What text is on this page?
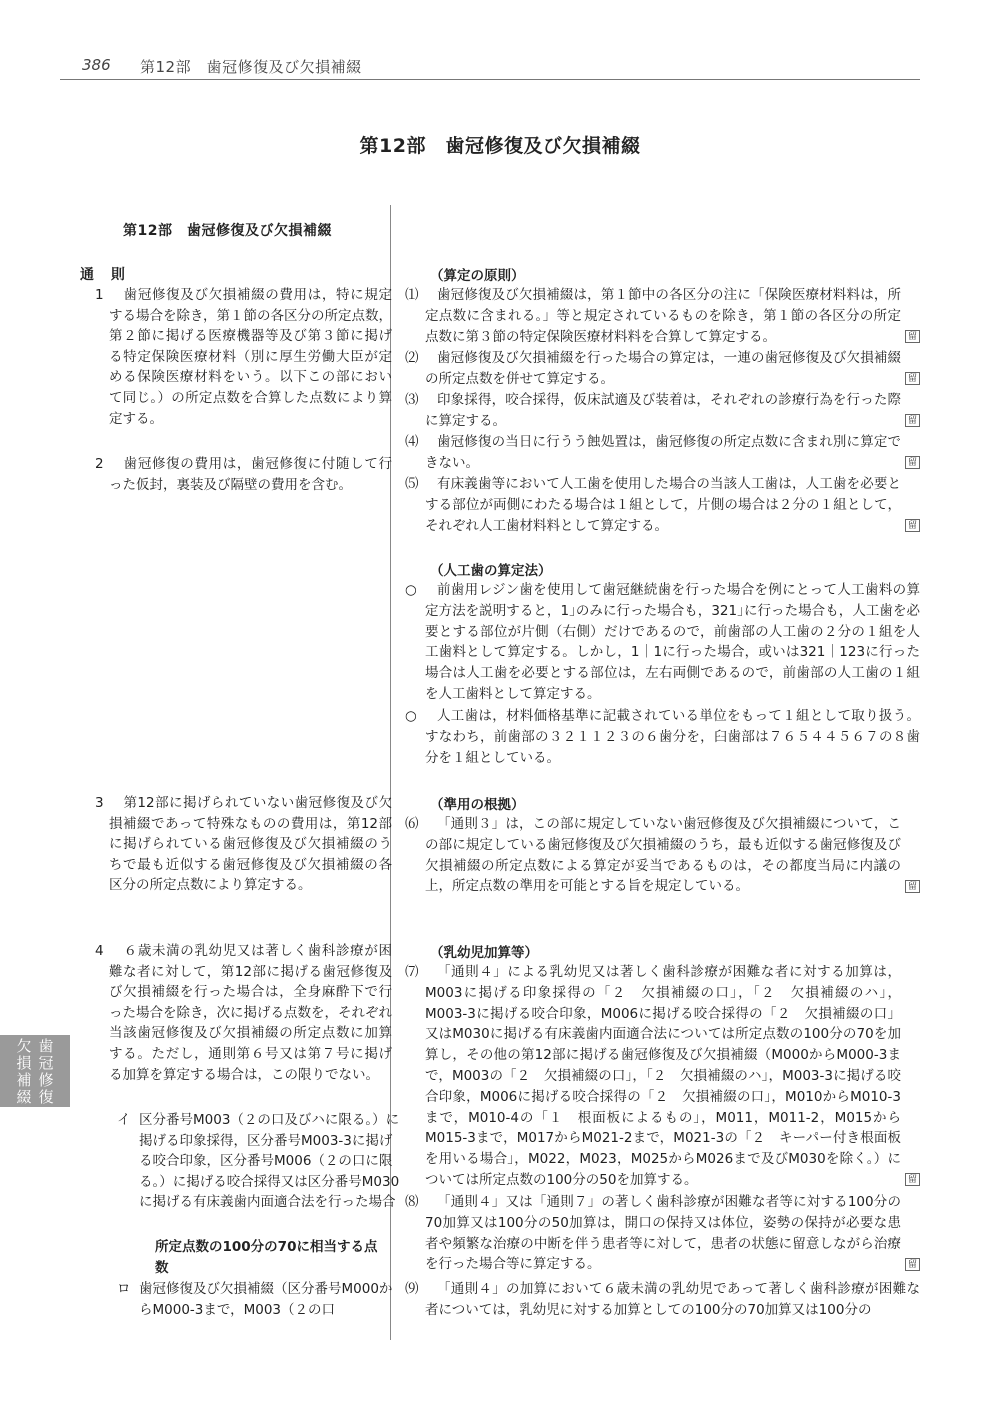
386 第12部　歯冠修復及び欠損補綴
第12部　歯冠修復及び欠損補綴
第12部　歯冠修復及び欠損補綴
通 則
1 歯冠修復及び欠損補綴の費用は，特に規定する場合を除き，第１節の各区分の所定点数，第２節に掲げる医療機器等及び第３節に掲げる特定保険医療材料（別に厚生労働大臣が定める保険医療材料をいう。以下この部において同じ。）の所定点数を合算した点数により算定する。
2 歯冠修復の費用は，歯冠修復に付随して行った仮封，裏装及び隔壁の費用を含む。
3 第12部に掲げられていない歯冠修復及び欠損補綴であって特殊なものの費用は，第12部に掲げられている歯冠修復及び欠損補綴のうちで最も近似する歯冠修復及び欠損補綴の各区分の所定点数により算定する。
4 ６歳未満の乳幼児又は著しく歯科診療が困難な者に対して，第12部に掲げる歯冠修復及び欠損補綴を行った場合は，全身麻酔下で行った場合を除き，次に掲げる点数を，それぞれ当該歯冠修復及び欠損補綴の所定点数に加算する。ただし，通則第６号又は第７号に掲げる加算を算定する場合は，この限りでない。
イ 区分番号M003（２の口及びハに限る。）に掲げる印象採得，区分番号M003-3に掲げる咬合印象，区分番号M006（２の口に限る。）に掲げる咬合採得又は区分番号M030に掲げる有床義歯内面適合法を行った場合
所定点数の100分の70に相当する点数
ロ 歯冠修復及び欠損補綴（区分番号M000からM000-3まで，M003（２の口
（算定の原則）
⑴
留
歯冠修復及び欠損補綴は，第１節中の各区分の注に「保険医療材料料は，所定点数に含まれる。」等と規定されているものを除き，第１節の各区分の所定点数に第３節の特定保険医療材料料を合算して算定する。
⑵
留
歯冠修復及び欠損補綴を行った場合の算定は，一連の歯冠修復及び欠損補綴の所定点数を併せて算定する。
⑶
留
印象採得，咬合採得，仮床試適及び装着は，それぞれの診療行為を行った際に算定する。
⑷
留
歯冠修復の当日に行うう蝕処置は，歯冠修復の所定点数に含まれ別に算定できない。
⑸
留
有床義歯等において人工歯を使用した場合の当該人工歯は，人工歯を必要とする部位が両側にわたる場合は１組として，片側の場合は２分の１組として，それぞれ人工歯材料料として算定する。
（人工歯の算定法）
○	前歯用レジン歯を使用して歯冠継続歯を行った場合を例にとって人工歯料の算定方法を説明すると，1｣のみに行った場合も，321｣に行った場合も，人工歯を必要とする部位が片側（右側）だけであるので，前歯部の人工歯の２分の１組を人工歯料として算定する。しかし，1｜1に行った場合，或いは321｜123に行った場合は人工歯を必要とする部位は，左右両側であるので，前歯部の人工歯の１組を人工歯料として算定する。
○	人工歯は，材料価格基準に記載されている単位をもって１組として取り扱う。すなわち，前歯部の３２１１２３の６歯分を，臼歯部は７６５４４５６７の８歯分を１組としている。
（準用の根拠）
⑹
留
「通則３」は，この部に規定していない歯冠修復及び欠損補綴について，この部に規定している歯冠修復及び欠損補綴のうち，最も近似する歯冠修復及び欠損補綴の所定点数による算定が妥当であるものは，その都度当局に内議の上，所定点数の準用を可能とする旨を規定している。
（乳幼児加算等）
⑺
留
「通則４」による乳幼児又は著しく歯科診療が困難な者に対する加算は，M003に掲げる印象採得の「２　欠損補綴の口」，「２　欠損補綴のハ」，M003-3に掲げる咬合印象，M006に掲げる咬合採得の「２　欠損補綴の口」又はM030に掲げる有床義歯内面適合法については所定点数の100分の70を加算し，その他の第12部に掲げる歯冠修復及び欠損補綴（M000からM000-3まで，M003の「２　欠損補綴の口」，「２　欠損補綴のハ」，M003-3に掲げる咬合印象，M006に掲げる咬合採得の「２　欠損補綴の口」，M010からM010-3まで，M010-4の「１　根面板によるもの」，M011，M011-2，M015からM015-3まで，M017からM021-2まで，M021-3の「２　キーパー付き根面板を用いる場合」，M022，M023，M025からM026まで及びM030を除く。）については所定点数の100分の50を加算する。
⑻
留
「通則４」又は「通則７」の著しく歯科診療が困難な者等に対する100分の70加算又は100分の50加算は，開口の保持又は体位，姿勢の保持が必要な患者や頻繁な治療の中断を伴う患者等に対して，患者の状態に留意しながら治療を行った場合等に算定する。
⑼	「通則４」の加算において６歳未満の乳幼児であって著しく歯科診療が困難な者については，乳幼児に対する加算としての100分の70加算又は100分の
歯冠修復
欠損補綴
